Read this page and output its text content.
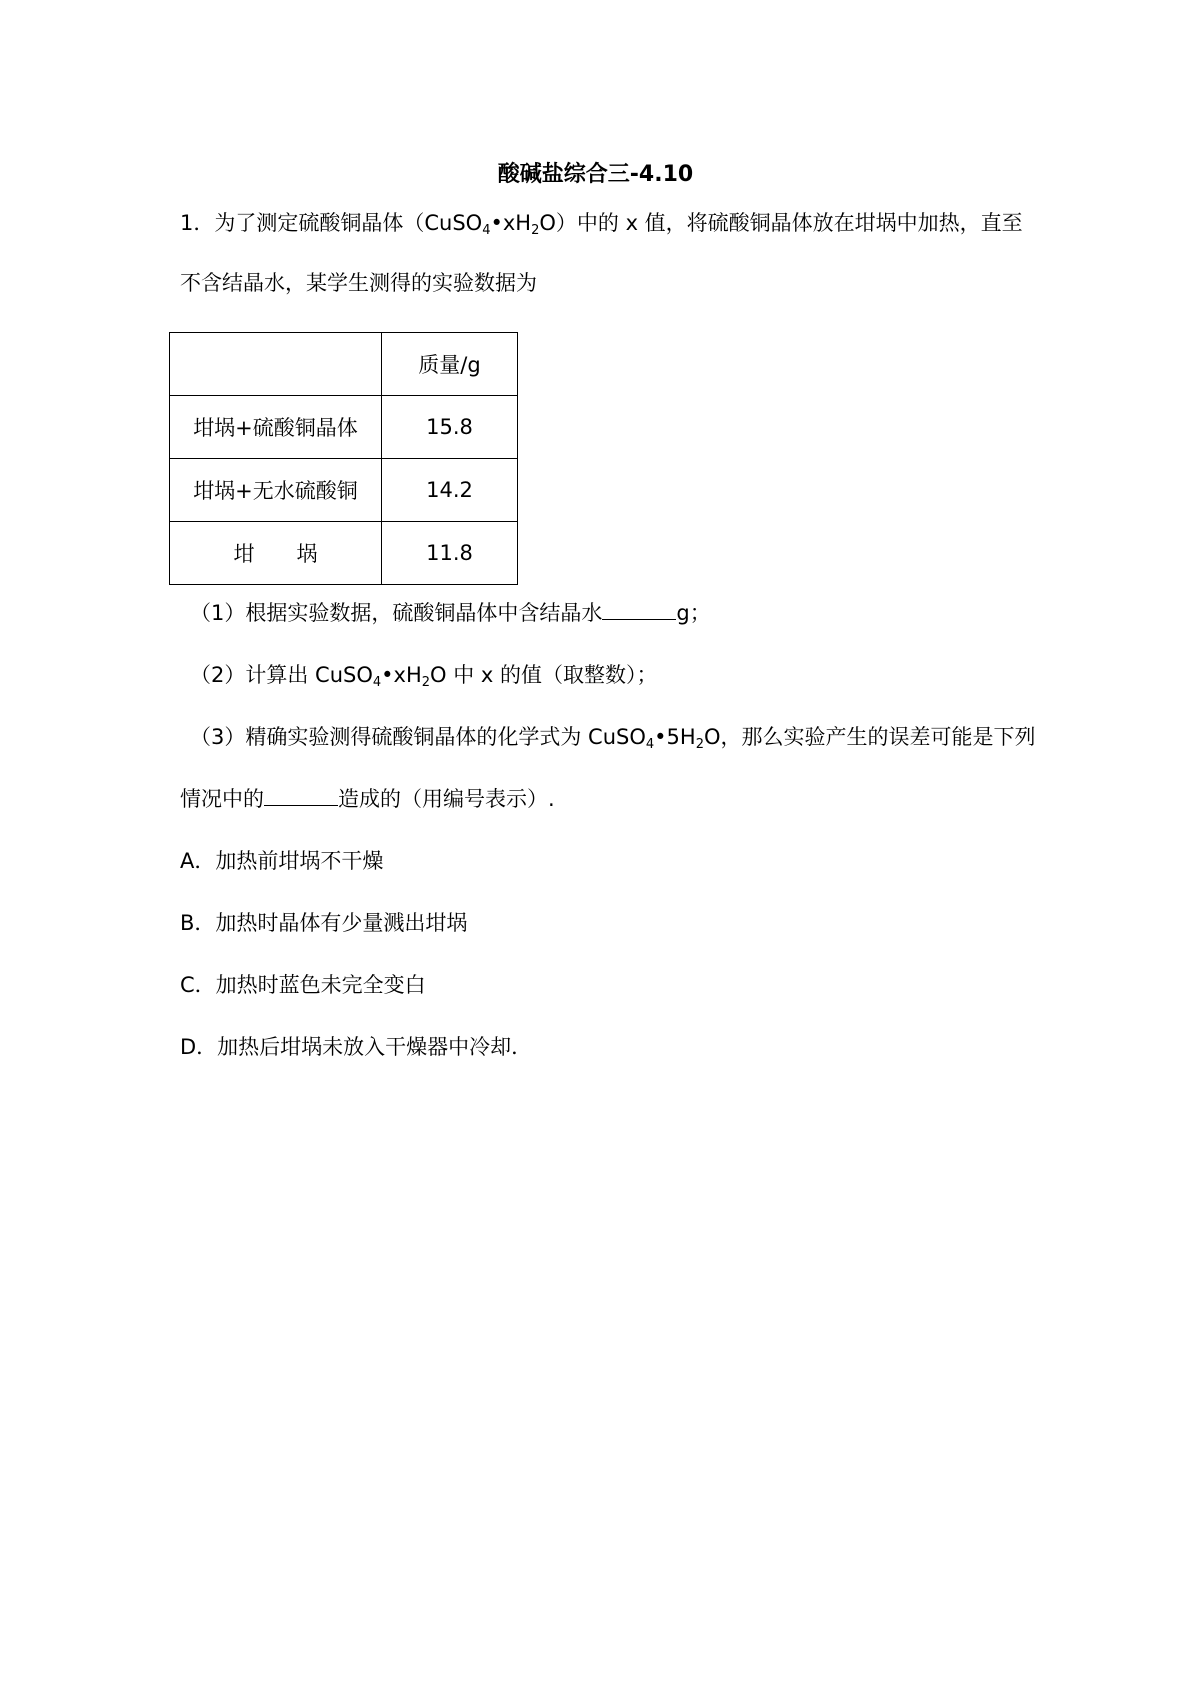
酸碱盐综合三-4.10
1．为了测定硫酸铜晶体$(CuSO_4•xH_2O)$中的 x 值，将硫酸铜晶体放在坩埚中加热，直至
不含结晶水，某学生测得的实验数据为
	质量/g
坩埚+硫酸铜晶体	15.8
坩埚+无水硫酸铜	14.2
坩　　埚	11.8
（1）根据实验数据，硫酸铜晶体中含结晶水	g；
（2）计算出 $CuSO_4•xH_2O$ 中 x 的值（取整数）；
（3）精确实验测得硫酸铜晶体的化学式为 $CuSO_4•5H_2O$，那么实验产生的误差可能是下列
情况中的	造成的（用编号表示）.
A．加热前坩埚不干燥
B．加热时晶体有少量溅出坩埚
C．加热时蓝色未完全变白
D．加热后坩埚未放入干燥器中冷却．
